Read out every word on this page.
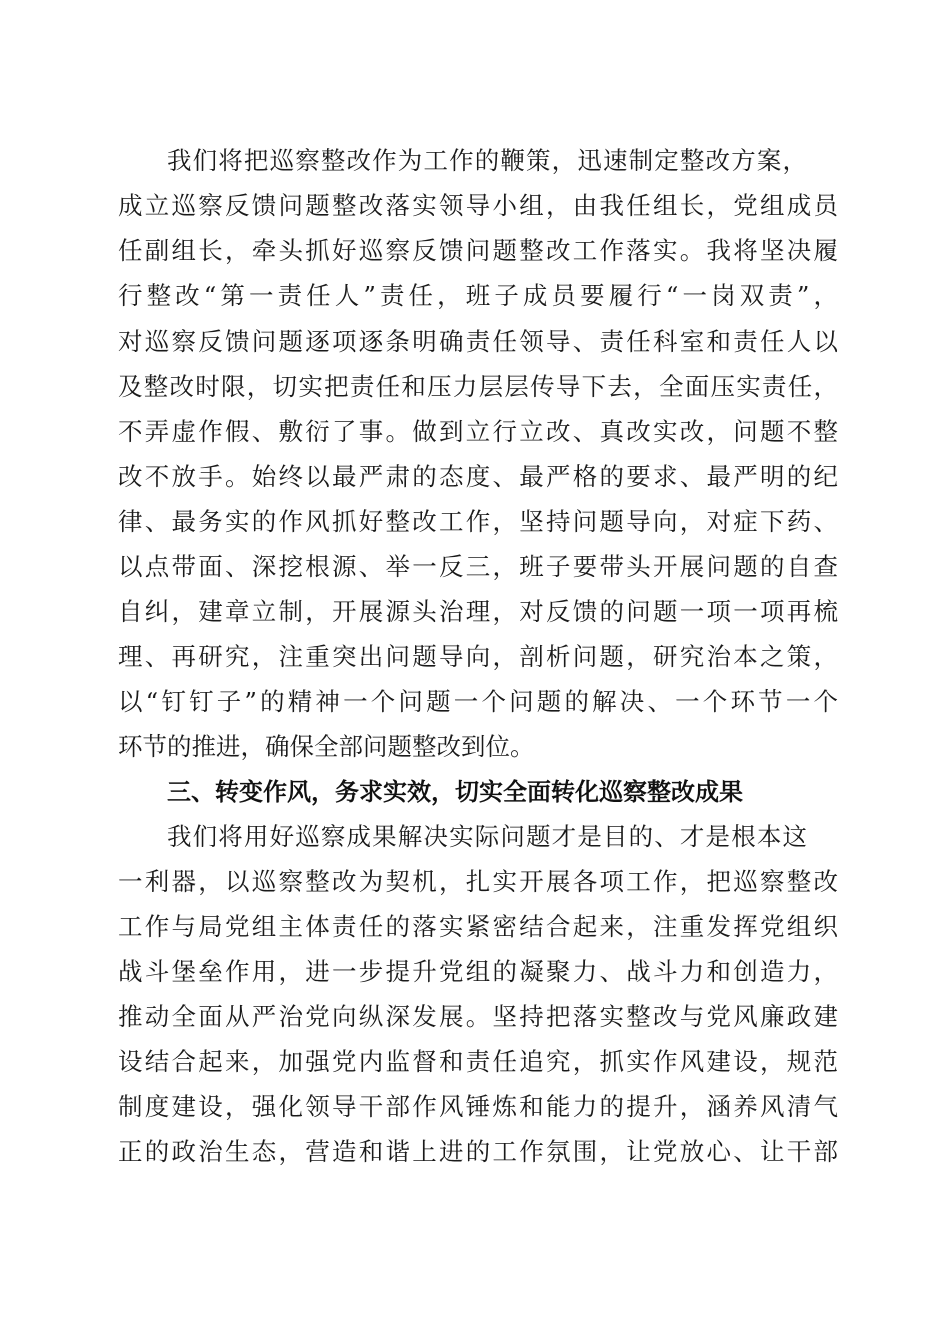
我们将把巡察整改作为工作的鞭策，迅速制定整改方案，
成立巡察反馈问题整改落实领导小组，由我任组长，党组成员
任副组长，牵头抓好巡察反馈问题整改工作落实。我将坚决履
行整改“第一责任人”责任，班子成员要履行“一岗双责”，
对巡察反馈问题逐项逐条明确责任领导、责任科室和责任人以
及整改时限，切实把责任和压力层层传导下去，全面压实责任，
不弄虚作假、敷衍了事。做到立行立改、真改实改，问题不整
改不放手。始终以最严肃的态度、最严格的要求、最严明的纪
律、最务实的作风抓好整改工作，坚持问题导向，对症下药、
以点带面、深挖根源、举一反三，班子要带头开展问题的自查
自纠，建章立制，开展源头治理，对反馈的问题一项一项再梳
理、再研究，注重突出问题导向，剖析问题，研究治本之策，
以“钉钉子”的精神一个问题一个问题的解决、一个环节一个
环节的推进，确保全部问题整改到位。
三、转变作风，务求实效，切实全面转化巡察整改成果
我们将用好巡察成果解决实际问题才是目的、才是根本这
一利器，以巡察整改为契机，扎实开展各项工作，把巡察整改
工作与局党组主体责任的落实紧密结合起来，注重发挥党组织
战斗堡垒作用，进一步提升党组的凝聚力、战斗力和创造力，
推动全面从严治党向纵深发展。坚持把落实整改与党风廉政建
设结合起来，加强党内监督和责任追究，抓实作风建设，规范
制度建设，强化领导干部作风锤炼和能力的提升，涵养风清气
正的政治生态，营造和谐上进的工作氛围，让党放心、让干部
